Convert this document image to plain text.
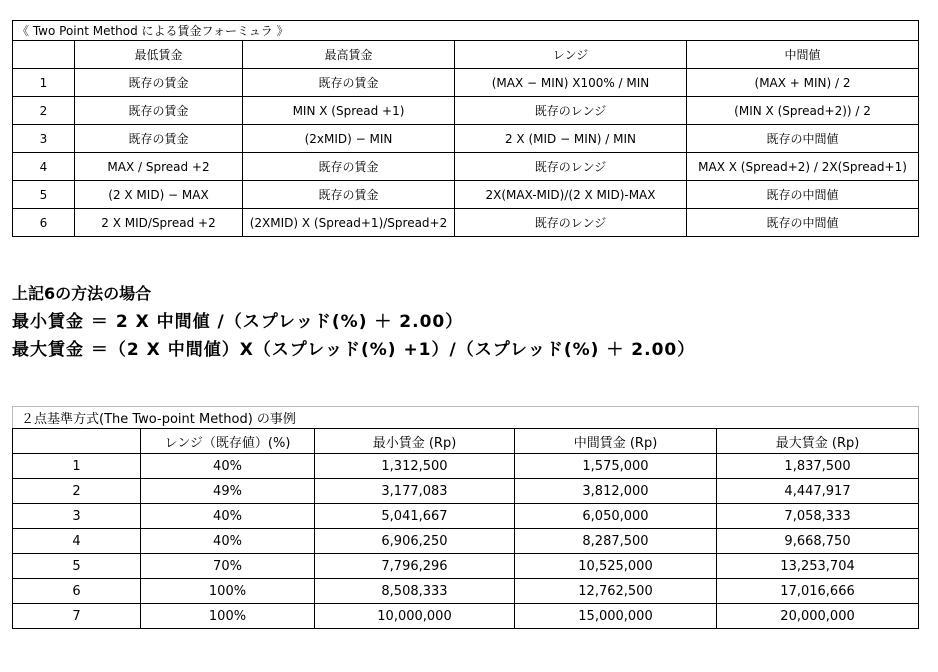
《 Two Point Method による賃金フォーミュラ 》				
	最低賃金	最高賃金	レンジ	中間値
1	既存の賃金	既存の賃金	(MAX − MIN) X100% / MIN	(MAX + MIN) / 2
2	既存の賃金	MIN X (Spread +1)	既存のレンジ	(MIN X (Spread+2)) / 2
3	既存の賃金	(2xMID) − MIN	2 X (MID − MIN) / MIN	既存の中間値
4	MAX / Spread +2	既存の賃金	既存のレンジ	MAX X (Spread+2) / 2X(Spread+1)
5	(2 X MID) − MAX	既存の賃金	2X(MAX-MID)/(2 X MID)-MAX	既存の中間値
6	2 X MID/Spread +2	(2XMID) X (Spread+1)/Spread+2	既存のレンジ	既存の中間値
上記6の方法の場合
最小賃金 ＝ 2 X 中間値 /（スプレッド(%) ＋ 2.00）
最大賃金 ＝（2 X 中間値）X（スプレッド(%) +1）/（スプレッド(%) ＋ 2.00）
２点基準方式(The Two-point Method) の事例				
	レンジ（既存値）(%)	最小賃金 (Rp)	中間賃金 (Rp)	最大賃金 (Rp)
1	40%	1,312,500	1,575,000	1,837,500
2	49%	3,177,083	3,812,000	4,447,917
3	40%	5,041,667	6,050,000	7,058,333
4	40%	6,906,250	8,287,500	9,668,750
5	70%	7,796,296	10,525,000	13,253,704
6	100%	8,508,333	12,762,500	17,016,666
7	100%	10,000,000	15,000,000	20,000,000
